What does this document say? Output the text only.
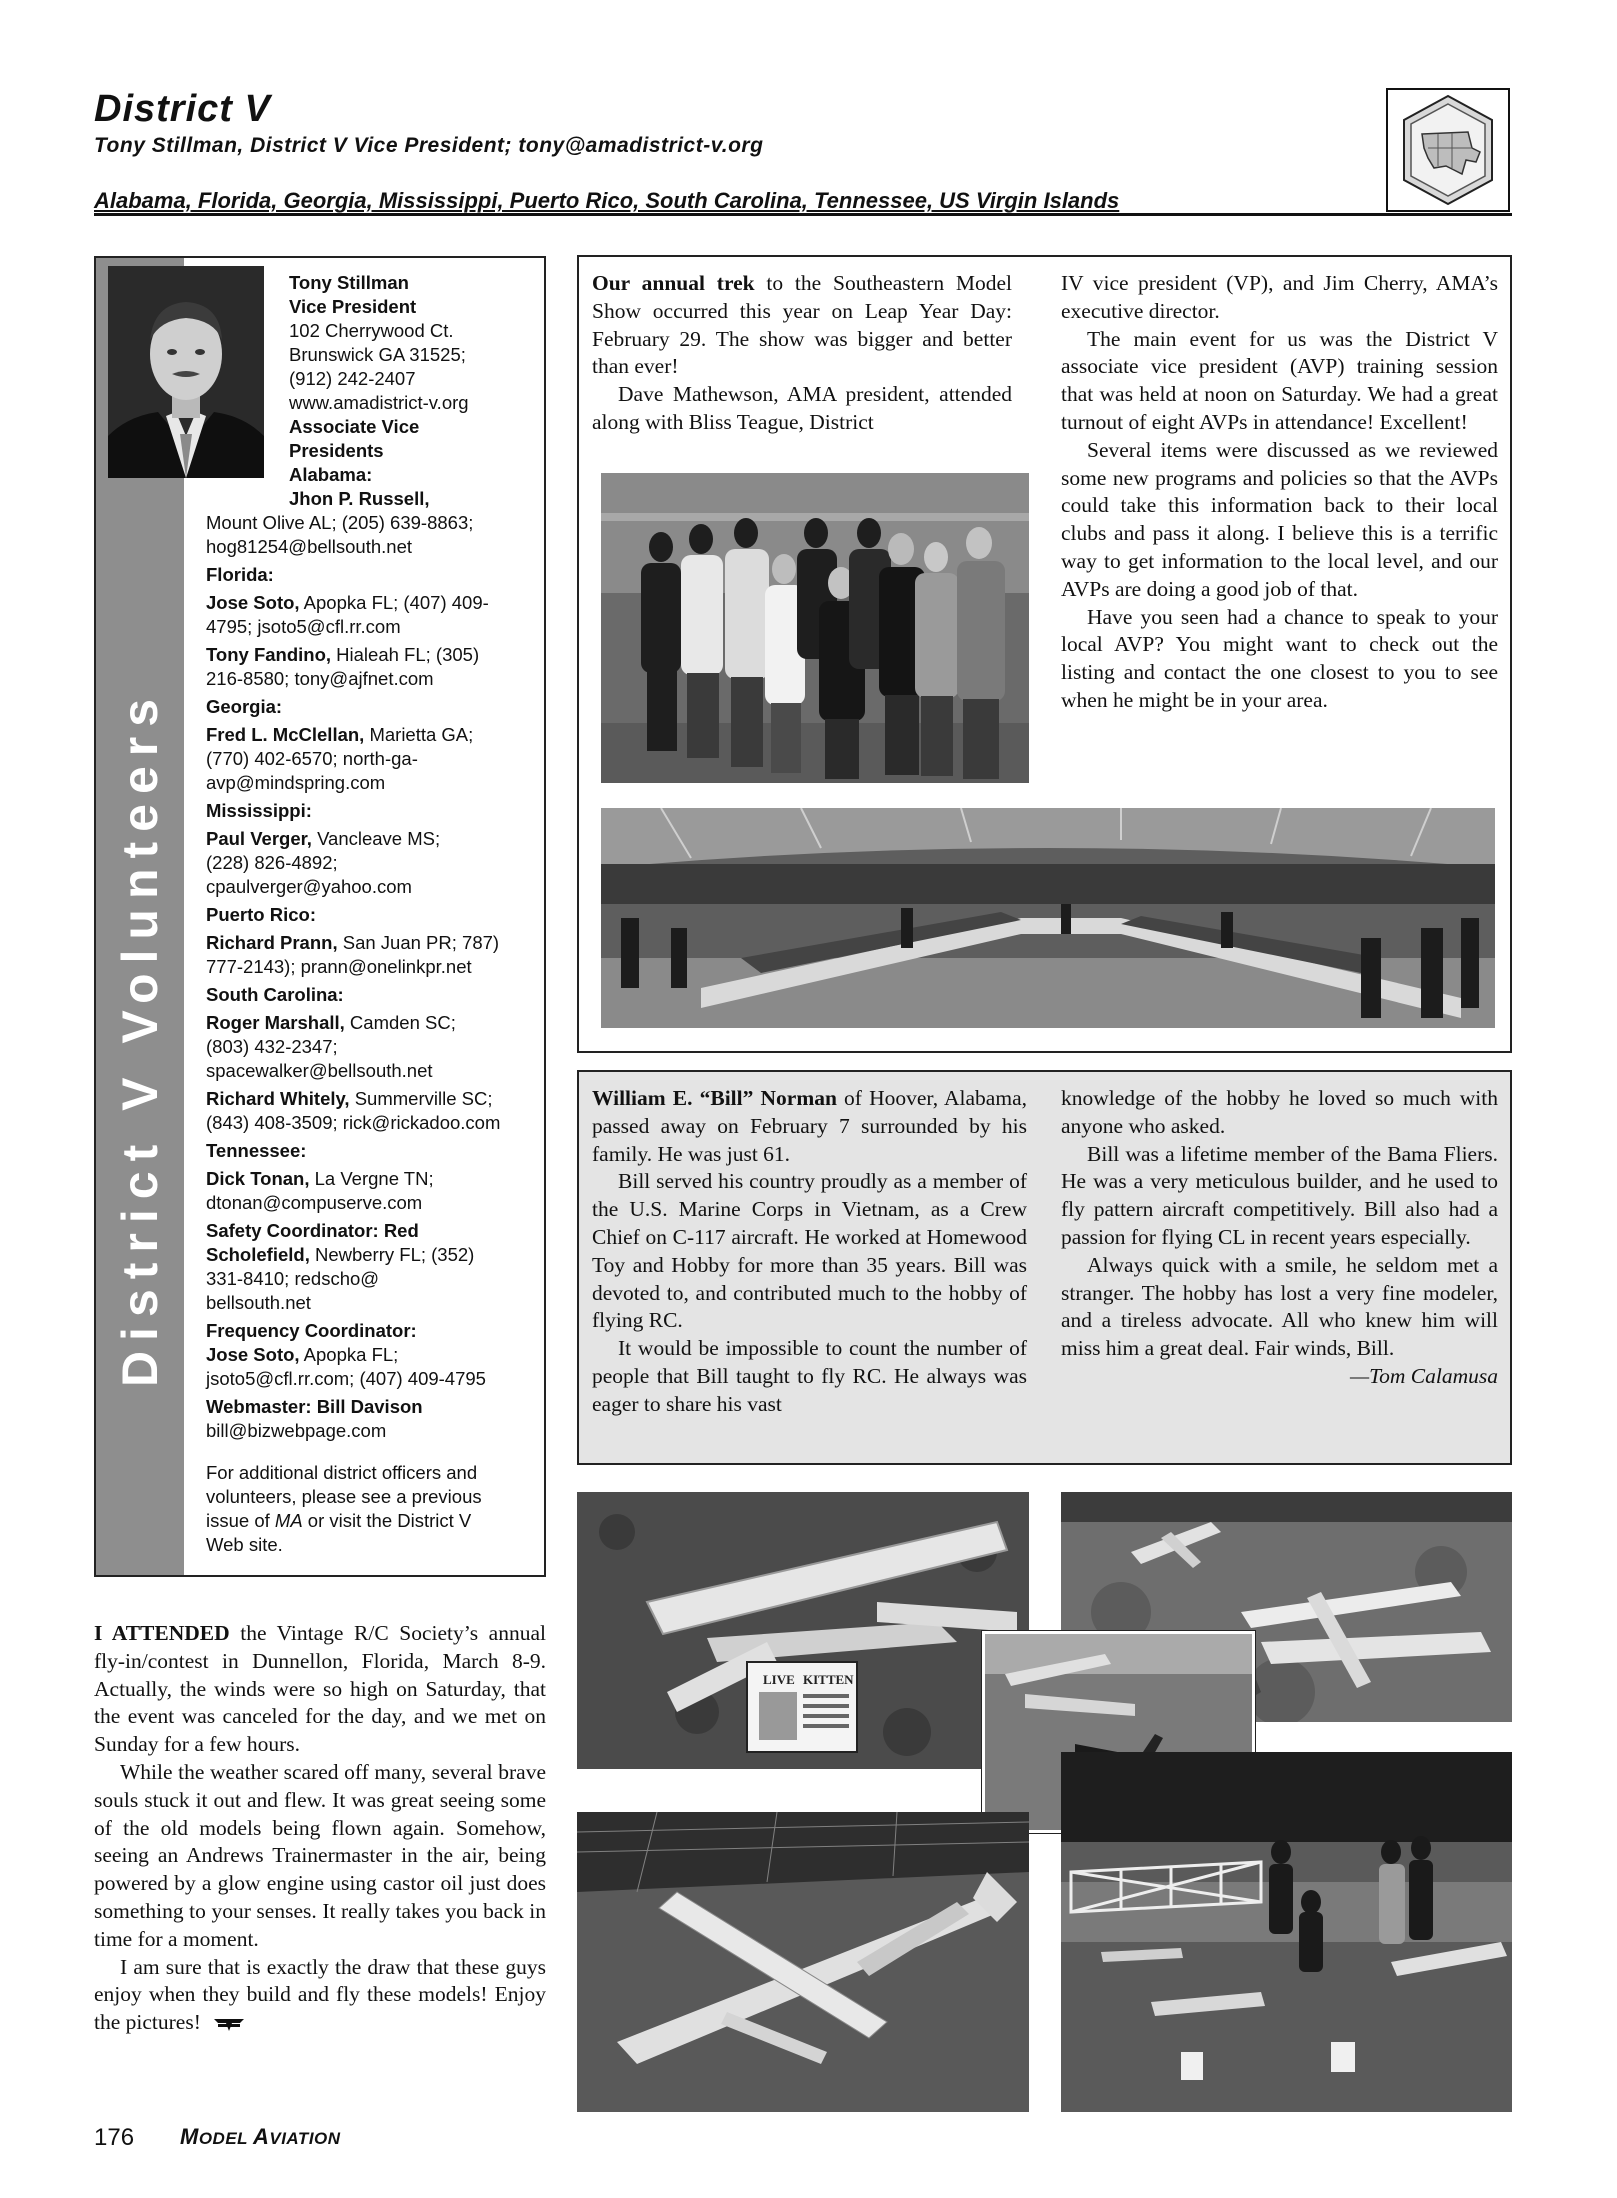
District V
Tony Stillman, District V Vice President; tony@amadistrict-v.org
Alabama, Florida, Georgia, Mississippi, Puerto Rico, South Carolina, Tennessee, US Virgin Islands
District V Volunteers
Tony Stillman
Vice President
102 Cherrywood Ct.
Brunswick GA 31525;
(912) 242-2407
www.amadistrict-v.org
Associate Vice
Presidents
Alabama:
Jhon P. Russell,
Mount Olive AL; (205) 639-8863;
hog81254@bellsouth.net
Florida:
Jose Soto, Apopka FL; (407) 409-
4795; jsoto5@cfl.rr.com
Tony Fandino, Hialeah FL; (305)
216-8580; tony@ajfnet.com
Georgia:
Fred L. McClellan, Marietta GA;
(770) 402-6570; north-ga-
avp@mindspring.com
Mississippi:
Paul Verger, Vancleave MS;
(228) 826-4892;
cpaulverger@yahoo.com
Puerto Rico:
Richard Prann, San Juan PR; 787)
777-2143); prann@onelinkpr.net
South Carolina:
Roger Marshall, Camden SC;
(803) 432-2347;
spacewalker@bellsouth.net
Richard Whitely, Summerville SC;
(843) 408-3509; rick@rickadoo.com
Tennessee:
Dick Tonan, La Vergne TN;
dtonan@compuserve.com
Safety Coordinator: Red
Scholefield, Newberry FL; (352)
331-8410; redscho@
bellsouth.net
Frequency Coordinator:
Jose Soto, Apopka FL;
jsoto5@cfl.rr.com; (407) 409-4795
Webmaster: Bill Davison
bill@bizwebpage.com
For additional district officers and
volunteers, please see a previous
issue of MA or visit the District V
Web site.

Our annual trek to the Southeastern Model Show occurred this year on Leap Year Day: February 29. The show was bigger and better than ever!

Dave Mathewson, AMA president, attended along with Bliss Teague, District

IV vice president (VP), and Jim Cherry, AMA’s executive director.

The main event for us was the District V associate vice president (AVP) training session that was held at noon on Saturday. We had a great turnout of eight AVPs in attendance! Excellent!

Several items were discussed as we reviewed some new programs and policies so that the AVPs could take this information back to their local clubs and pass it along. I believe this is a terrific way to get information to the local level, and our AVPs are doing a good job of that.

Have you seen had a chance to speak to your local AVP? You might want to check out the listing and contact the one closest to you to see when he might be in your area.

William E. “Bill” Norman of Hoover, Alabama, passed away on February 7 surrounded by his family. He was just 61.

Bill served his country proudly as a member of the U.S. Marine Corps in Vietnam, as a Crew Chief on C-117 aircraft. He worked at Homewood Toy and Hobby for more than 35 years. Bill was devoted to, and contributed much to the hobby of flying RC.

It would be impossible to count the number of people that Bill taught to fly RC. He always was eager to share his vast

knowledge of the hobby he loved so much with anyone who asked.

Bill was a lifetime member of the Bama Fliers. He was a very meticulous builder, and he used to fly pattern aircraft competitively. Bill also had a passion for flying CL in recent years especially.

Always quick with a smile, he seldom met a stranger. The hobby has lost a very fine modeler, and a tireless advocate. All who knew him will miss him a great deal. Fair winds, Bill.

—Tom Calamusa

I ATTENDED the Vintage R/C Society’s annual fly-in/contest in Dunnellon, Florida, March 8-9. Actually, the winds were so high on Saturday, that the event was canceled for the day, and we met on Sunday for a few hours.

While the weather scared off many, several brave souls stuck it out and flew. It was great seeing some of the old models being flown again. Somehow, seeing an Andrews Trainermaster in the air, being powered by a glow engine using castor oil just does something to your senses. It really takes you back in time for a moment.

I am sure that is exactly the draw that these guys enjoy when they build and fly these models! Enjoy the pictures!

LIVE KITTEN
176 MODEL AVIATION
